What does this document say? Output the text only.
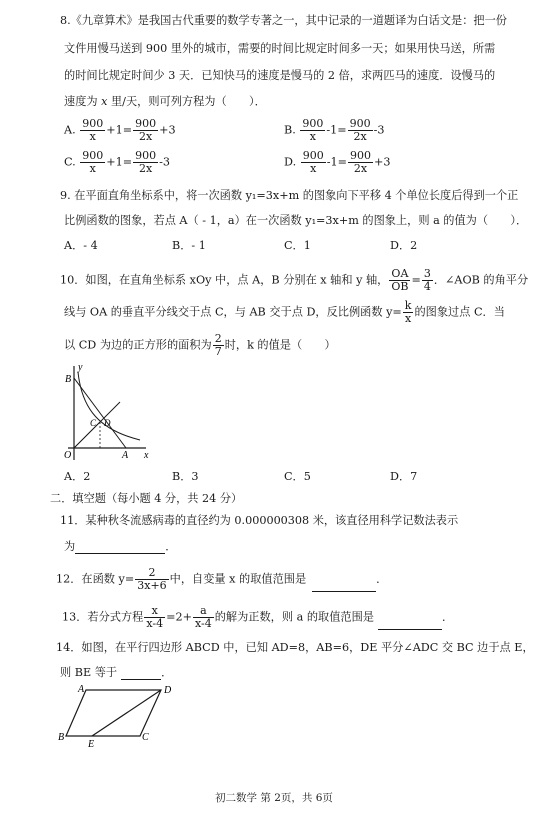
8.《九章算术》是我国古代重要的数学专著之一，其中记录的一道题译为白话文是：把一份
文件用慢马送到 900 里外的城市，需要的时间比规定时间多一天；如果用快马送，所需
的时间比规定时间少 3 天．已知快马的速度是慢马的 2 倍，求两匹马的速度．设慢马的
速度为 x 里/天，则可列方程为（　　）．
A. $\frac{900}{x} +1= \frac{900}{2x} +3$	B. $\frac{900}{x} -1= \frac{900}{2x} -3$
C. $\frac{900}{x} +1= \frac{900}{2x} -3$	D. $\frac{900}{x} -1= \frac{900}{2x} +3$
9. 在平面直角坐标系中，将一次函数 y₁=3x+m 的图象向下平移 4 个单位长度后得到一个正
比例函数的图象，若点 A（ - 1，a）在一次函数 y₁=3x+m 的图象上，则 a 的值为（　　）．
A．- 4	B．- 1	C．1	D．2
10．如图，在直角坐标系 xOy 中，点 A，B 分别在 x 轴和 y 轴， $\frac{OA}{OB} = \frac{3}{4}$ ．∠AOB 的角平分
线与 OA 的垂直平分线交于点 C，与 AB 交于点 D，反比例函数 $y= \frac{k}{x}$ 的图象过点 C．当
以 CD 为边的正方形的面积为 $\frac{2}{7}$ 时，k 的值是（　　）
B
y
C D
O	A x
A．2	B．3	C．5	D．7
二．填空题（每小题 4 分，共 24 分）
11．某种秋冬流感病毒的直径约为 0.000000308 米，该直径用科学记数法表示
为	．
12．在函数 $y= \frac{2}{3x+6}$ 中，自变量 x 的取值范围是	．
13．若分式方程 $\frac{x}{x-4} =2+ \frac{a}{x-4}$ 的解为正数，则 a 的取值范围是	．
14．如图，在平行四边形 ABCD 中，已知 AD=8，AB=6，DE 平分∠ADC 交 BC 边于点 E，
则 BE 等于	．
A	D
B
E
C
初二数学 第 2页，共 6页
